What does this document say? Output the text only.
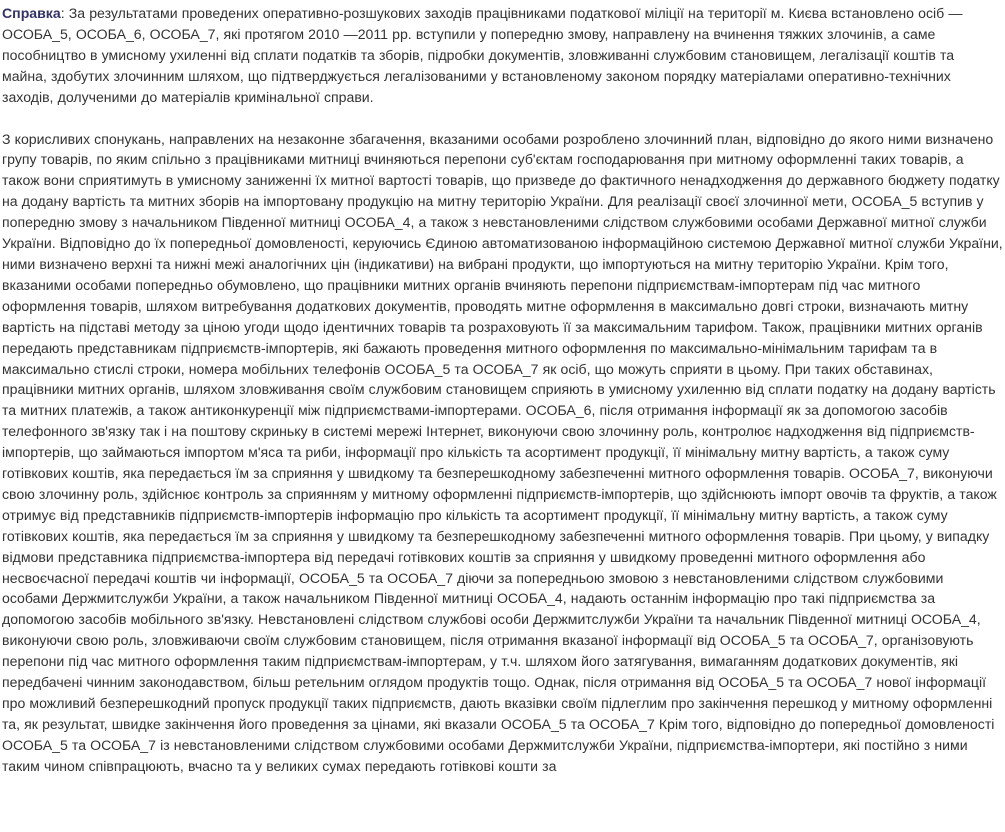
Справка: За результатами проведених оперативно-розшукових заходів працівниками податкової міліції на території м. Києва встановлено осіб — ОСОБА_5, ОСОБА_6, ОСОБА_7, які протягом 2010 —2011 рр. вступили у попередню змову, направлену на вчинення тяжких злочинів, а саме пособництво в умисному ухиленні від сплати податків та зборів, підробки документів, зловживанні службовим становищем, легалізації коштів та майна, здобутих злочинним шляхом, що підтверджується легалізованими у встановленому законом порядку матеріалами оперативно-технічних заходів, долученими до матеріалів кримінальної справи.

З корисливих спонукань, направлених на незаконне збагачення, вказаними особами розроблено злочинний план, відповідно до якого ними визначено групу товарів, по яким спільно з працівниками митниці вчиняються перепони суб'єктам господарювання при митному оформленні таких товарів, а також вони сприятимуть в умисному заниженні їх митної вартості товарів, що призведе до фактичного ненадходження до державного бюджету податку на додану вартість та митних зборів на імпортовану продукцію на митну територію України. Для реалізації своєї злочинної мети, ОСОБА_5 вступив у попередню змову з начальником Південної митниці ОСОБА_4, а також з невстановленими слідством службовими особами Державної митної служби України. Відповідно до їх попередньої домовленості, керуючись Єдиною автоматизованою інформаційною системою Державної митної служби України, ними визначено верхні та нижні межі аналогічних цін (індикативи) на вибрані продукти, що імпортуються на митну територію України. Крім того, вказаними особами попередньо обумовлено, що працівники митних органів вчиняють перепони підприємствам-імпортерам під час митного оформлення товарів, шляхом витребування додаткових документів, проводять митне оформлення в максимально довгі строки, визначають митну вартість на підставі методу за ціною угоди щодо ідентичних товарів та розраховують її за максимальним тарифом. Також, працівники митних органів передають представникам підприємств-імпортерів, які бажають проведення митного оформлення по максимально-мінімальним тарифам та в максимально стислі строки, номера мобільних телефонів ОСОБА_5 та ОСОБА_7 як осіб, що можуть сприяти в цьому. При таких обставинах, працівники митних органів, шляхом зловживання своїм службовим становищем сприяють в умисному ухиленню від сплати податку на додану вартість та митних платежів, а також антиконкуренції між підприємствами-імпортерами. ОСОБА_6, після отримання інформації як за допомогою засобів телефонного зв'язку так і на поштову скриньку в системі мережі Інтернет, виконуючи свою злочинну роль, контролює надходження від підприємств-імпортерів, що займаються імпортом м'яса та риби, інформації про кількість та асортимент продукції, її мінімальну митну вартість, а також суму готівкових коштів, яка передається їм за сприяння у швидкому та безперешкодному забезпеченні митного оформлення товарів. ОСОБА_7, виконуючи свою злочинну роль, здійснює контроль за сприянням у митному оформленні підприємств-імпортерів, що здійснюють імпорт овочів та фруктів, а також отримує від представників підприємств-імпортерів інформацію про кількість та асортимент продукції, її мінімальну митну вартість, а також суму готівкових коштів, яка передається їм за сприяння у швидкому та безперешкодному забезпеченні митного оформлення товарів. При цьому, у випадку відмови представника підприємства-імпортера від передачі готівкових коштів за сприяння у швидкому проведенні митного оформлення або несвоєчасної передачі коштів чи інформації, ОСОБА_5 та ОСОБА_7 діючи за попередньою змовою з невстановленими слідством службовими особами Держмитслужби України, а також начальником Південної митниці ОСОБА_4, надають останнім інформацію про такі підприємства за допомогою засобів мобільного зв'язку. Невстановлені слідством службові особи Держмитслужби України та начальник Південної митниці ОСОБА_4, виконуючи свою роль, зловживаючи своїм службовим становищем, після отримання вказаної інформації від ОСОБА_5 та ОСОБА_7, організовують перепони під час митного оформлення таким підприємствам-імпортерам, у т.ч. шляхом його затягування, вимаганням додаткових документів, які передбачені чинним законодавством, більш ретельним оглядом продуктів тощо. Однак, після отримання від ОСОБА_5 та ОСОБА_7 нової інформації про можливий безперешкодний пропуск продукції таких підприємств, дають вказівки своїм підлеглим про закінчення перешкод у митному оформленні та, як результат, швидке закінчення його проведення за цінами, які вказали ОСОБА_5 та ОСОБА_7 Крім того, відповідно до попередньої домовленості ОСОБА_5 та ОСОБА_7 із невстановленими слідством службовими особами Держмитслужби України, підприємства-імпортери, які постійно з ними таким чином співпрацюють, вчасно та у великих сумах передають готівкові кошти за
